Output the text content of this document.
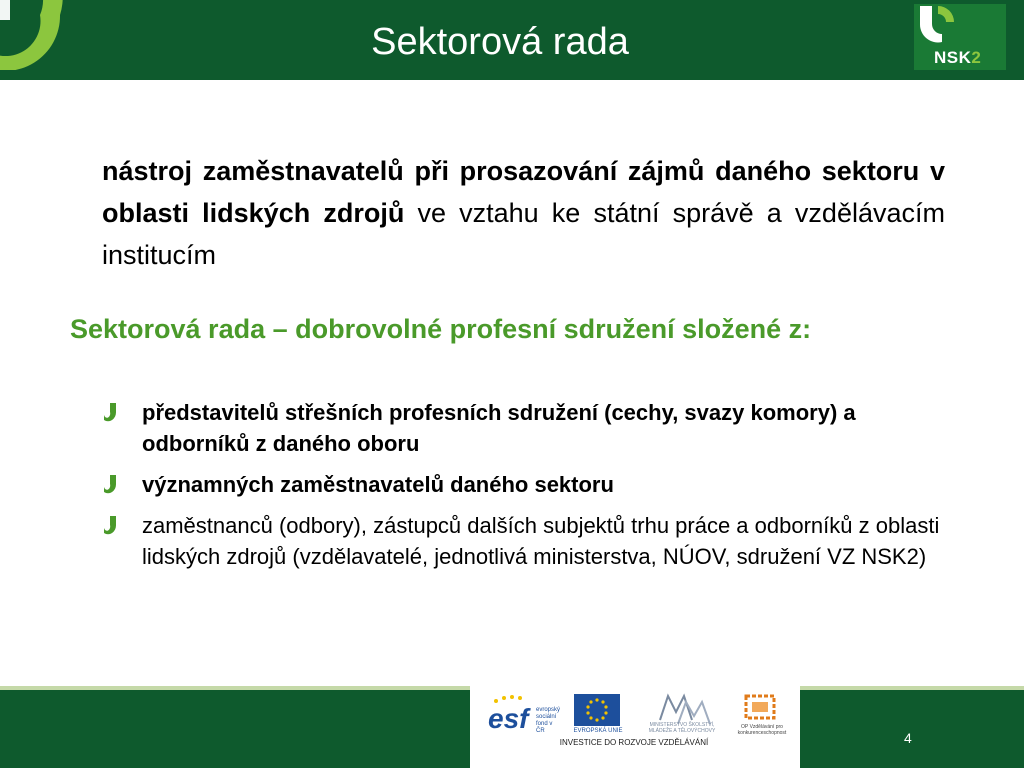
Sektorová rada	NSK2
nástroj zaměstnavatelů při prosazování zájmů daného sektoru v oblasti lidských zdrojů ve vztahu ke státní správě a vzdělávacím institucím
Sektorová rada – dobrovolné profesní sdružení složené z:
představitelů střešních profesních sdružení (cechy, svazy komory) a odborníků z daného oboru
významných zaměstnavatelů daného sektoru
zaměstnanců (odbory), zástupců dalších subjektů trhu práce a odborníků z oblasti lidských zdrojů (vzdělavatelé, jednotlivá ministerstva, NÚOV, sdružení VZ NSK2)
esf evropský
sociální
fond v ČR	EVROPSKÁ UNIE
MINISTERSTVO ŠKOLSTVÍ,
MLÁDEŽE A TĚLOVÝCHOVY
OP Vzdělávání pro konkurenceschopnost
INVESTICE DO ROZVOJE VZDĚLÁVÁNÍ	4
